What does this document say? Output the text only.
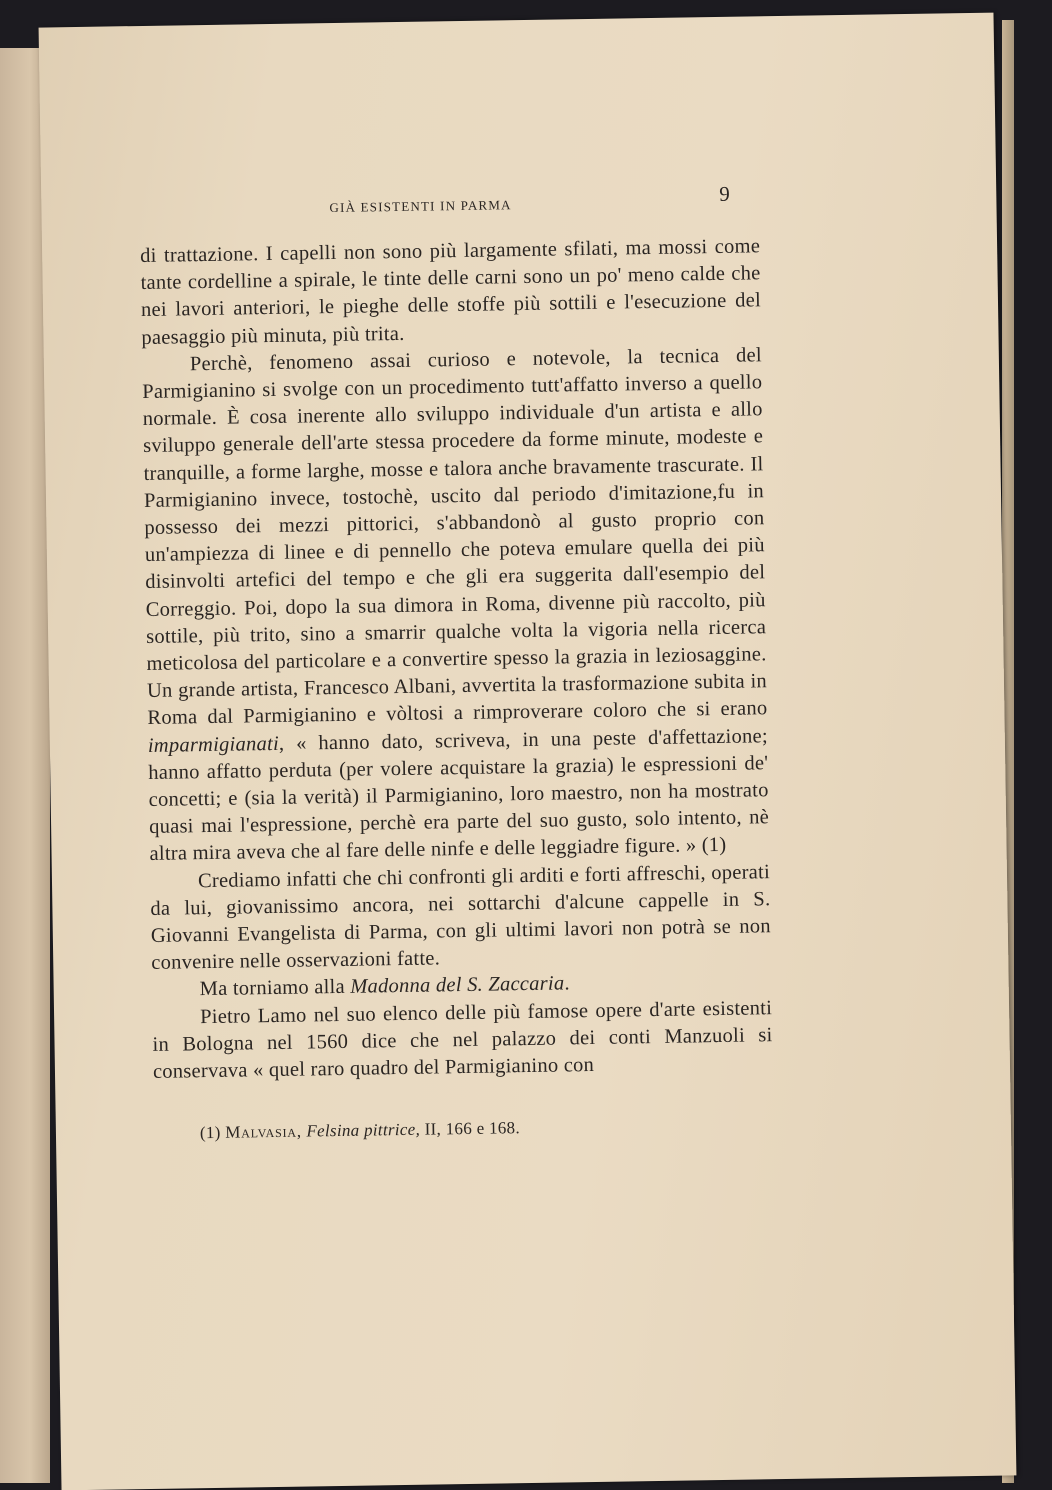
GIÀ ESISTENTI IN PARMA
9

di trattazione. I capelli non sono più largamente sfilati, ma mossi come tante cordelline a spirale, le tinte delle carni sono un po' meno calde che nei lavori anteriori, le pieghe delle stoffe più sottili e l'esecuzione del paesaggio più minuta, più trita.

Perchè, fenomeno assai curioso e notevole, la tecnica del Parmigianino si svolge con un procedimento tutt'affatto inverso a quello normale. È cosa inerente allo sviluppo individuale d'un artista e allo sviluppo generale dell'arte stessa procedere da forme minute, modeste e tranquille, a forme larghe, mosse e talora anche bravamente trascurate. Il Parmigianino invece, tostochè, uscito dal periodo d'imitazione,fu in possesso dei mezzi pittorici, s'abbandonò al gusto proprio con un'ampiezza di linee e di pennello che poteva emulare quella dei più disinvolti artefici del tempo e che gli era suggerita dall'esempio del Correggio. Poi, dopo la sua dimora in Roma, divenne più raccolto, più sottile, più trito, sino a smarrir qualche volta la vigoria nella ricerca meticolosa del particolare e a convertire spesso la grazia in leziosaggine. Un grande artista, Francesco Albani, avvertita la trasformazione subita in Roma dal Parmigianino e vòltosi a rimproverare coloro che si erano imparmigianati, « hanno dato, scriveva, in una peste d'affettazione; hanno affatto perduta (per volere acquistare la grazia) le espressioni de' concetti; e (sia la verità) il Parmigianino, loro maestro, non ha mostrato quasi mai l'espressione, perchè era parte del suo gusto, solo intento, nè altra mira aveva che al fare delle ninfe e delle leggiadre figure. » (1)

Crediamo infatti che chi confronti gli arditi e forti affreschi, operati da lui, giovanissimo ancora, nei sottarchi d'alcune cappelle in S. Giovanni Evangelista di Parma, con gli ultimi lavori non potrà se non convenire nelle osservazioni fatte.

Ma torniamo alla Madonna del S. Zaccaria.

Pietro Lamo nel suo elenco delle più famose opere d'arte esistenti in Bologna nel 1560 dice che nel palazzo dei conti Manzuoli si conservava « quel raro quadro del Parmigianino con

(1) Malvasia, Felsina pittrice, II, 166 e 168.
